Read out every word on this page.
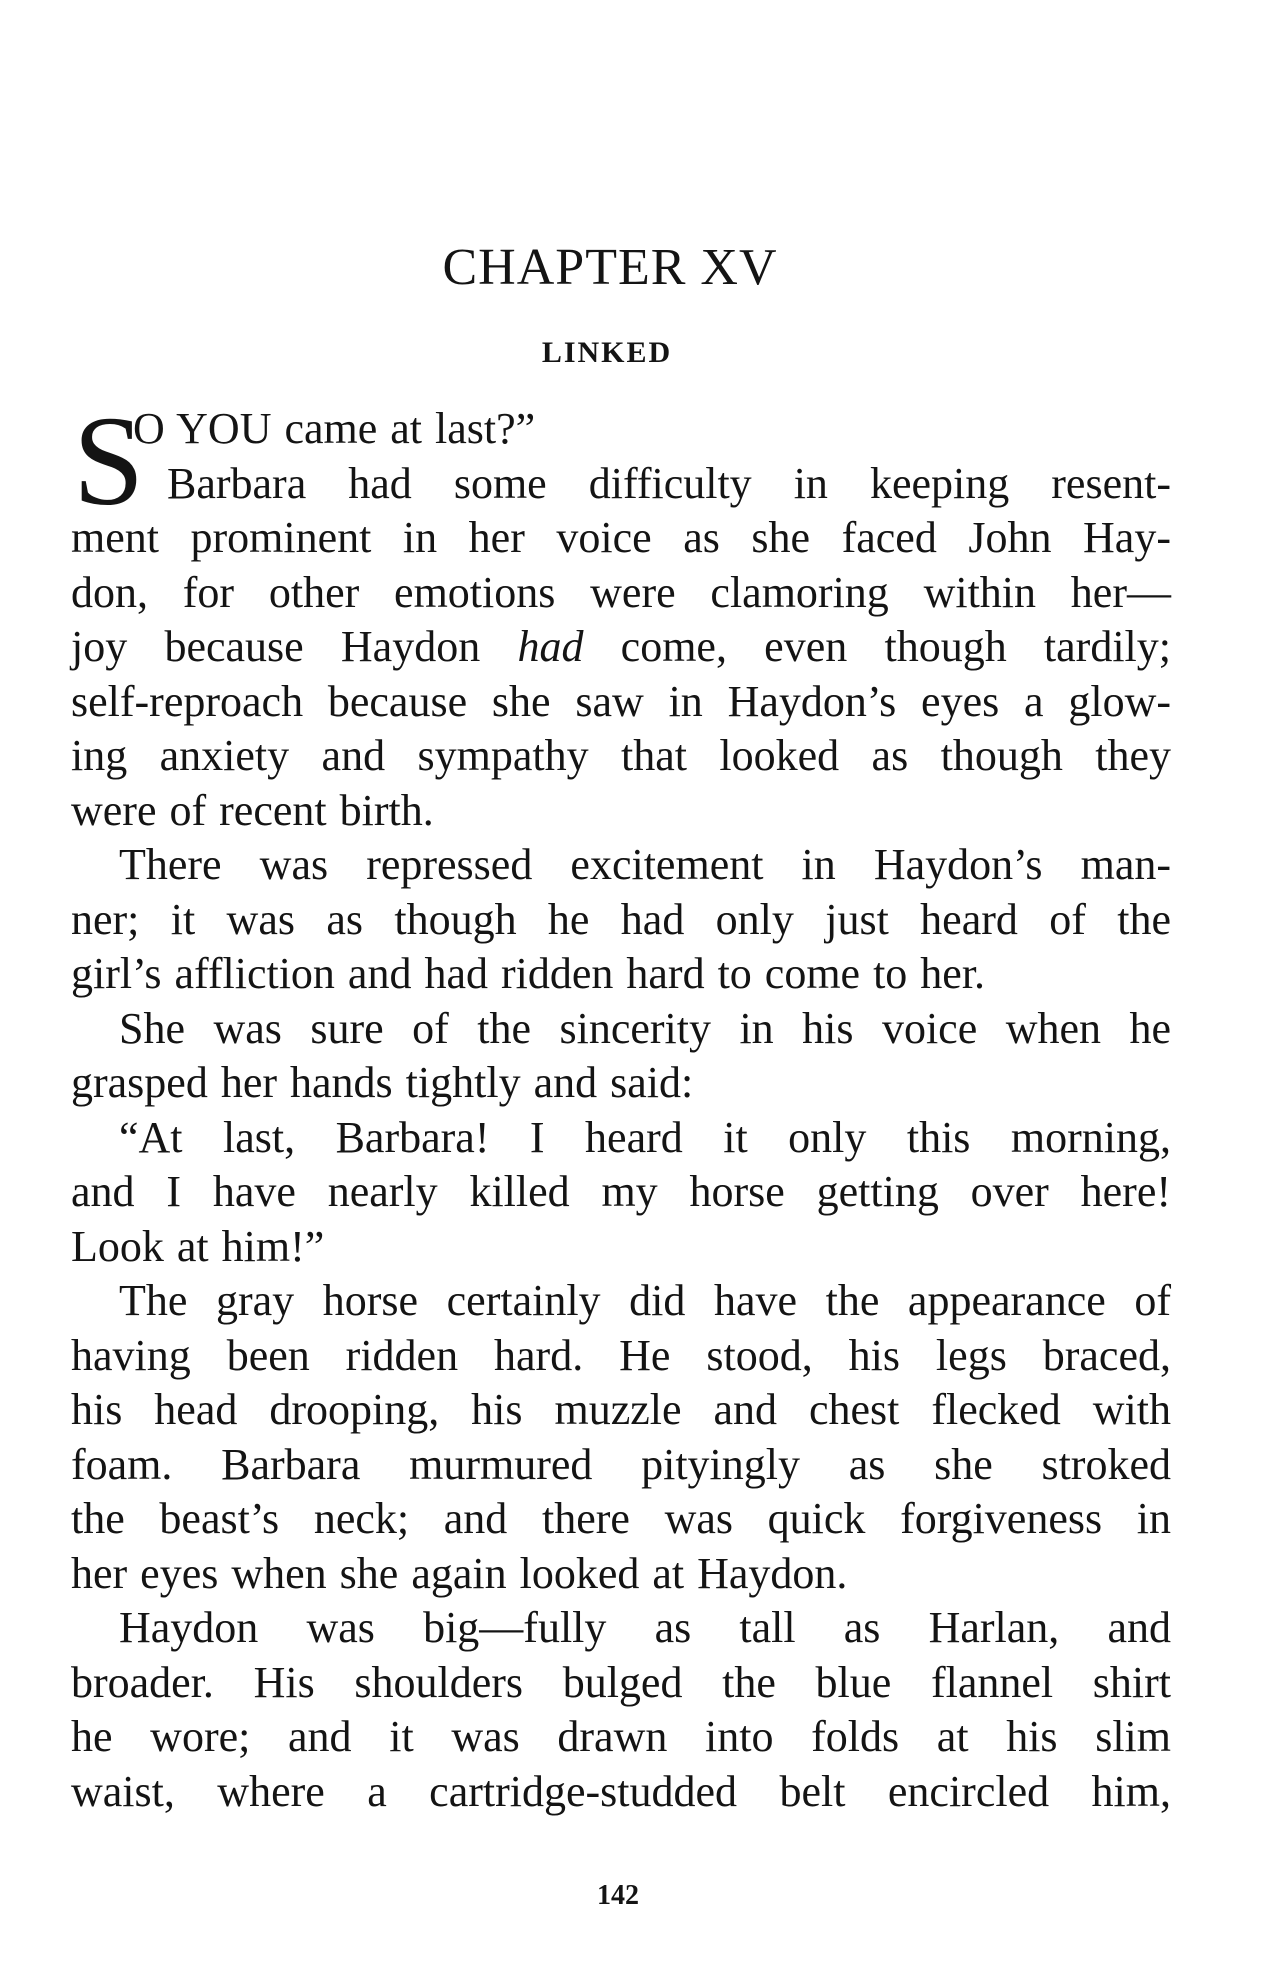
CHAPTER XV
LINKED
S
O YOU came at last?”
Barbara had some difficulty in keeping resent-
ment prominent in her voice as she faced John Hay-
don, for other emotions were clamoring within her—
joy because Haydon had come, even though tardily;
self-reproach because she saw in Haydon’s eyes a glow-
ing anxiety and sympathy that looked as though they
were of recent birth.
There was repressed excitement in Haydon’s man-
ner; it was as though he had only just heard of the
girl’s affliction and had ridden hard to come to her.
She was sure of the sincerity in his voice when he
grasped her hands tightly and said:
“At last, Barbara! I heard it only this morning,
and I have nearly killed my horse getting over here!
Look at him!”
The gray horse certainly did have the appearance of
having been ridden hard. He stood, his legs braced,
his head drooping, his muzzle and chest flecked with
foam. Barbara murmured pityingly as she stroked
the beast’s neck; and there was quick forgiveness in
her eyes when she again looked at Haydon.
Haydon was big—fully as tall as Harlan, and
broader. His shoulders bulged the blue flannel shirt
he wore; and it was drawn into folds at his slim
waist, where a cartridge-studded belt encircled him,
142
